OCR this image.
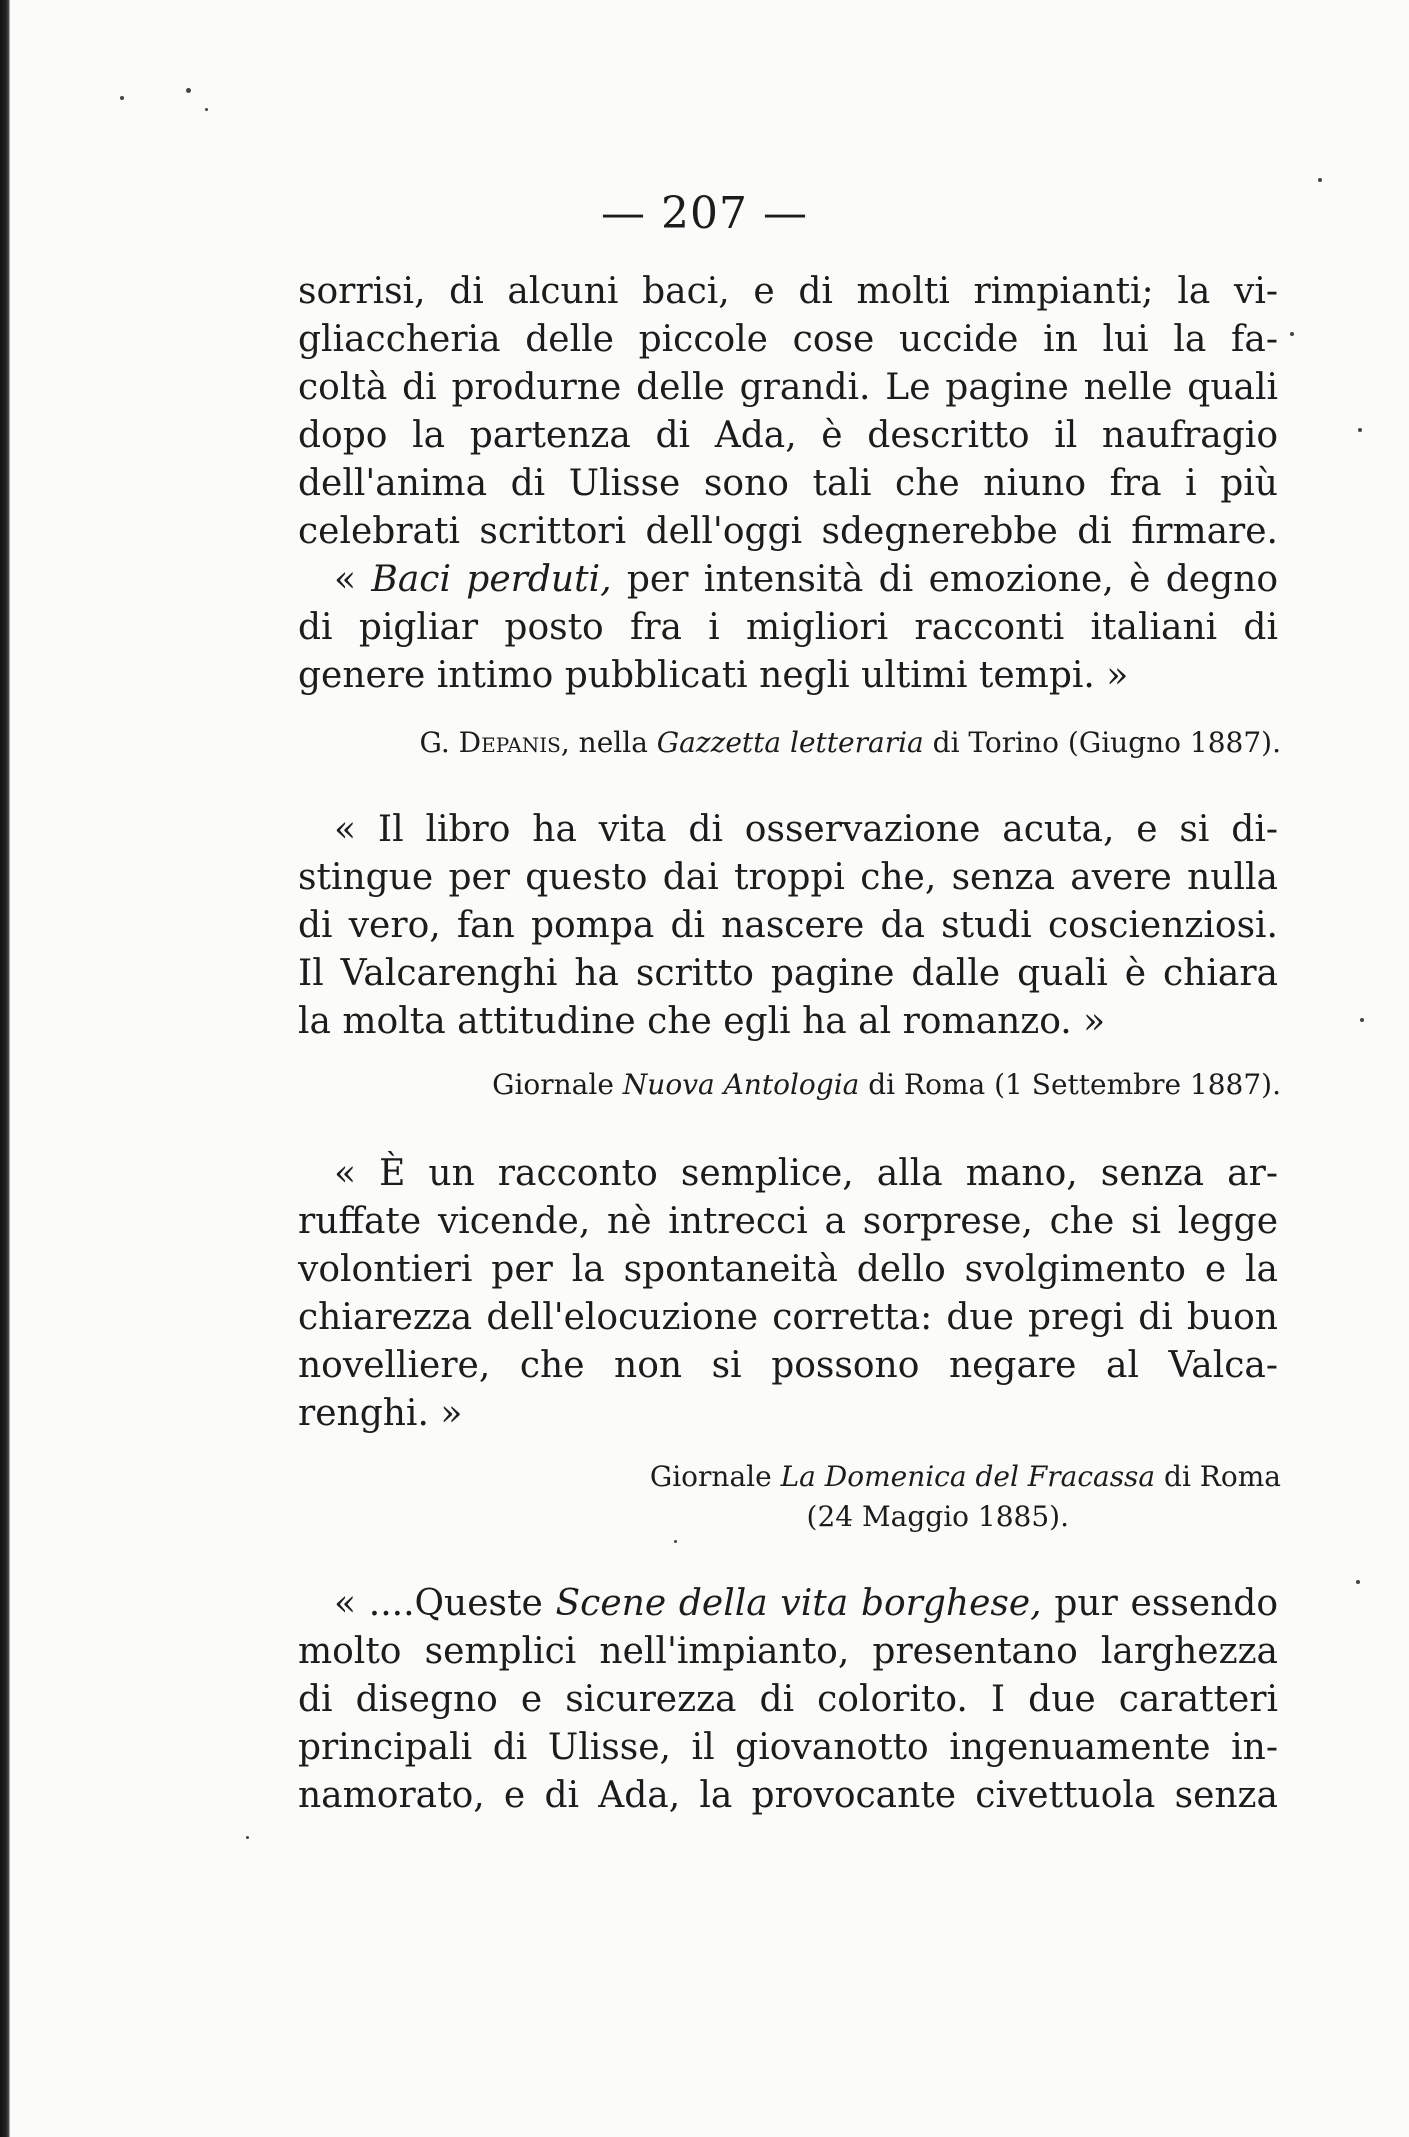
— 207 —
sorrisi, di alcuni baci, e di molti rimpianti; la vi-
gliaccheria delle piccole cose uccide in lui la fa-
coltà di produrne delle grandi. Le pagine nelle quali
dopo la partenza di Ada, è descritto il naufragio
dell'anima di Ulisse sono tali che niuno fra i più
celebrati scrittori dell'oggi sdegnerebbe di firmare.
« Baci perduti, per intensità di emozione, è degno
di pigliar posto fra i migliori racconti italiani di
genere intimo pubblicati negli ultimi tempi. »
G. Depanis, nella Gazzetta letteraria di Torino (Giugno 1887).
« Il libro ha vita di osservazione acuta, e si di-
stingue per questo dai troppi che, senza avere nulla
di vero, fan pompa di nascere da studi coscienziosi.
Il Valcarenghi ha scritto pagine dalle quali è chiara
la molta attitudine che egli ha al romanzo. »
Giornale Nuova Antologia di Roma (1 Settembre 1887).
« È un racconto semplice, alla mano, senza ar-
ruffate vicende, nè intrecci a sorprese, che si legge
volontieri per la spontaneità dello svolgimento e la
chiarezza dell'elocuzione corretta: due pregi di buon
novelliere, che non si possono negare al Valca-
renghi. »
Giornale La Domenica del Fracassa di Roma
(24 Maggio 1885).
« ....Queste Scene della vita borghese, pur essendo
molto semplici nell'impianto, presentano larghezza
di disegno e sicurezza di colorito. I due caratteri
principali di Ulisse, il giovanotto ingenuamente in-
namorato, e di Ada, la provocante civettuola senza
